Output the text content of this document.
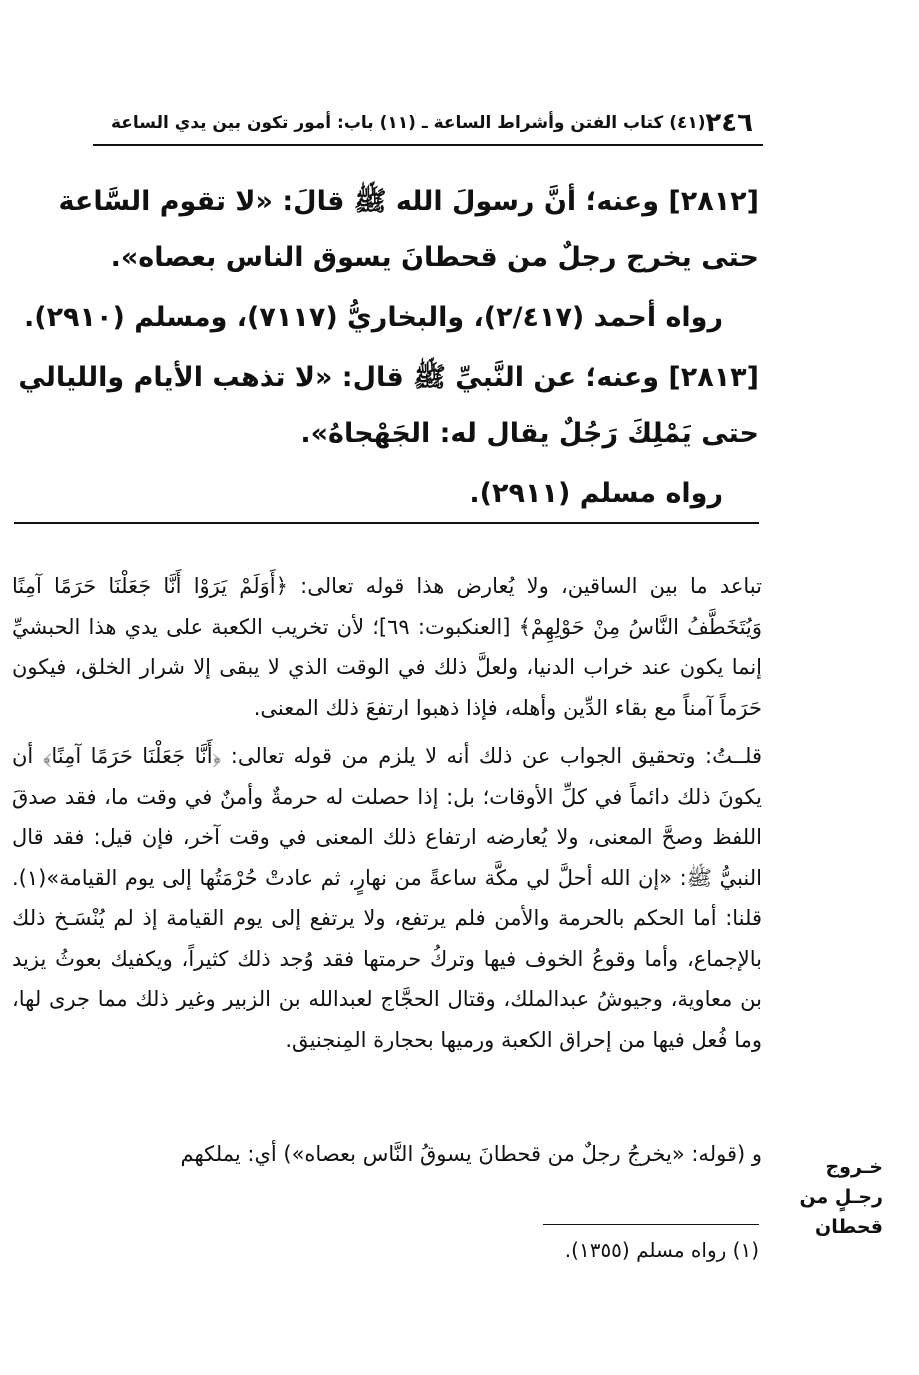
٢٤٦
(٤١) كتاب الفتن وأشراط الساعة ـ (١١) باب: أمور تكون بين يدي الساعة

[٢٨١٢] وعنه؛ أنَّ رسولَ الله ﷺ قالَ: «لا تقوم السَّاعة حتى يخرج رجلٌ من قحطانَ يسوق الناس بعصاه».

رواه أحمد (٢/٤١٧)، والبخاريُّ (٧١١٧)، ومسلم (٢٩١٠).

[٢٨١٣] وعنه؛ عن النَّبيِّ ﷺ قال: «لا تذهب الأيام والليالي حتى يَمْلِكَ رَجُلٌ يقال له: الجَهْجاهُ».

رواه مسلم (٢٩١١).

تباعد ما بين الساقين، ولا يُعارض هذا قوله تعالى: ﴿أَوَلَمْ يَرَوْا أَنَّا جَعَلْنَا حَرَمًا آمِنًا وَيُتَخَطَّفُ النَّاسُ مِنْ حَوْلِهِمْ﴾ [العنكبوت: ٦٩]؛ لأن تخريب الكعبة على يدي هذا الحبشيِّ إنما يكون عند خراب الدنيا، ولعلَّ ذلك في الوقت الذي لا يبقى إلا شرار الخلق، فيكون حَرَماً آمناً مع بقاء الدِّين وأهله، فإذا ذهبوا ارتفعَ ذلك المعنى.

قلــتُ: وتحقيق الجواب عن ذلك أنه لا يلزم من قوله تعالى: ﴿أَنَّا جَعَلْنَا حَرَمًا آمِنًا﴾ أن يكونَ ذلك دائماً في كلِّ الأوقات؛ بل: إذا حصلت له حرمةٌ وأمنٌ في وقت ما، فقد صدقَ اللفظ وصحَّ المعنى، ولا يُعارضه ارتفاع ذلك المعنى في وقت آخر، فإن قيل: فقد قال النبيُّ ﷺ: «إن الله أحلَّ لي مكَّة ساعةً من نهارٍ، ثم عادتْ حُرْمَتُها إلى يوم القيامة»(١). قلنا: أما الحكم بالحرمة والأمن فلم يرتفع، ولا يرتفع إلى يوم القيامة إذ لم يُنْسَـخ ذلك بالإجماع، وأما وقوعُ الخوف فيها وتركُ حرمتها فقد وُجد ذلك كثيراً، ويكفيك بعوثُ يزيد بن معاوية، وجيوشُ عبدالملك، وقتال الحجَّاج لعبدالله بن الزبير وغير ذلك مما جرى لها، وما فُعل فيها من إحراق الكعبة ورميها بحجارة المِنجنيق.

و (قوله: «يخرجُ رجلٌ من قحطانَ يسوقُ النَّاس بعصاه») أي: يملكهم

خـروج رجـلٍ من قحطان
(١) رواه مسلم (١٣٥٥).
